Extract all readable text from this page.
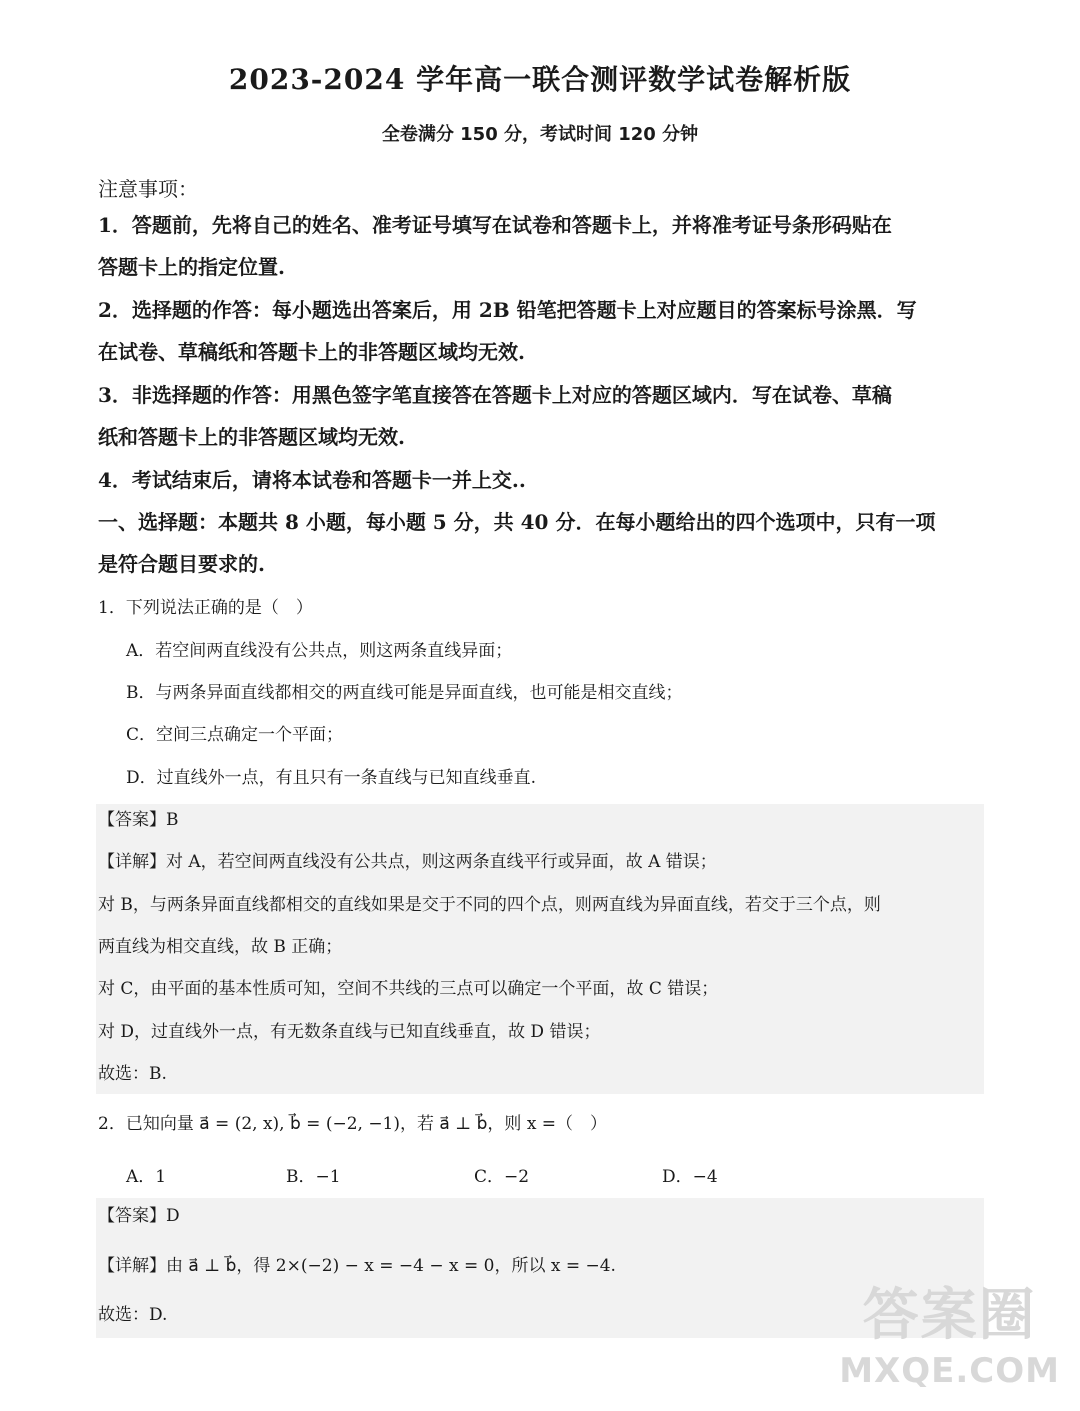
2023-2024 学年高一联合测评数学试卷解析版
全卷满分 150 分，考试时间 120 分钟
注意事项：
1．答题前，先将自己的姓名、准考证号填写在试卷和答题卡上，并将准考证号条形码贴在
答题卡上的指定位置.
2．选择题的作答：每小题选出答案后，用 2B 铅笔把答题卡上对应题目的答案标号涂黑．写
在试卷、草稿纸和答题卡上的非答题区域均无效.
3．非选择题的作答：用黑色签字笔直接答在答题卡上对应的答题区域内．写在试卷、草稿
纸和答题卡上的非答题区域均无效.
4．考试结束后，请将本试卷和答题卡一并上交..
一、选择题：本题共 8 小题，每小题 5 分，共 40 分．在每小题给出的四个选项中，只有一项
是符合题目要求的.
1．下列说法正确的是（　）
A．若空间两直线没有公共点，则这两条直线异面；
B．与两条异面直线都相交的两直线可能是异面直线，也可能是相交直线；
C．空间三点确定一个平面；
D．过直线外一点，有且只有一条直线与已知直线垂直.
【答案】B
【详解】对 A，若空间两直线没有公共点，则这两条直线平行或异面，故 A 错误；
对 B，与两条异面直线都相交的直线如果是交于不同的四个点，则两直线为异面直线，若交于三个点，则
两直线为相交直线，故 B 正确；
对 C，由平面的基本性质可知，空间不共线的三点可以确定一个平面，故 C 错误；
对 D，过直线外一点，有无数条直线与已知直线垂直，故 D 错误；
故选：B.
2．已知向量 a⃗ = (2, x), b⃗ = (−2, −1)，若 a⃗ ⊥ b⃗，则 x =（　）
A．1	B．−1	C．−2	D．−4
【答案】D
【详解】由 a⃗ ⊥ b⃗，得 2×(−2) − x = −4 − x = 0，所以 x = −4.
故选：D.	答案圈
MXQE.COM
